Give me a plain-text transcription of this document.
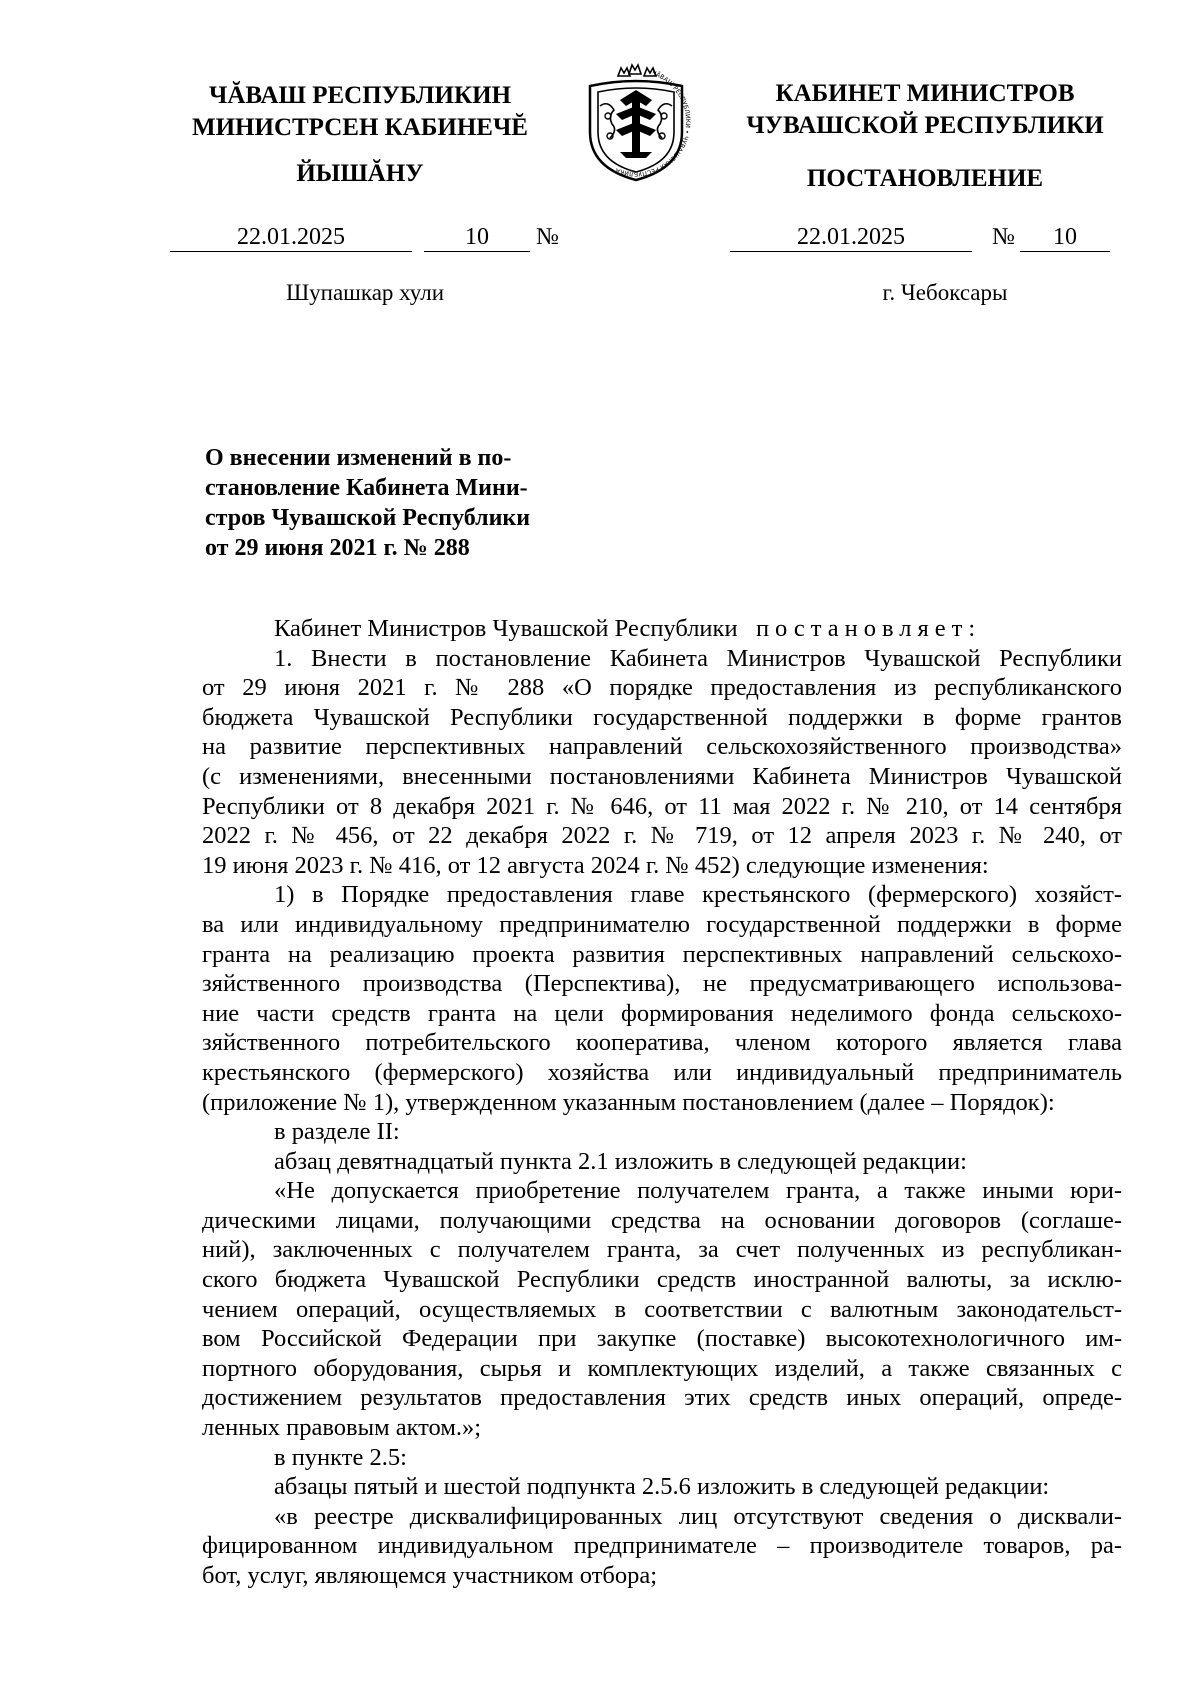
ЧĂВАШ РЕСПУБЛИКИН
МИНИСТРСЕН КАБИНЕЧĔ
ЙЫШĂНУ
ЧĂВАШ РЕСПУБЛИКИ • ЧУВАШСКАЯ РЕСПУБЛИКА
КАБИНЕТ МИНИСТРОВ
ЧУВАШСКОЙ РЕСПУБЛИКИ
ПОСТАНОВЛЕНИЕ
22.01.2025	10	№	22.01.2025	№	10
Шупашкар хули	г. Чебоксары
О внесении изменений в по-
становление Кабинета Мини-
стров Чувашской Республики
от 29 июня 2021 г. № 288

Кабинет Министров Чувашской Республики постановляет:

1. Внести в постановление Кабинета Министров Чувашской Республики

от 29 июня 2021 г. № 288 «О порядке предоставления из республиканского

бюджета Чувашской Республики государственной поддержки в форме грантов

на развитие перспективных направлений сельскохозяйственного производства»

(с изменениями, внесенными постановлениями Кабинета Министров Чувашской

Республики от 8 декабря 2021 г. № 646, от 11 мая 2022 г. № 210, от 14 сентября

2022 г. № 456, от 22 декабря 2022 г. № 719, от 12 апреля 2023 г. № 240, от

19 июня 2023 г. № 416, от 12 августа 2024 г. № 452) следующие изменения:

1) в Порядке предоставления главе крестьянского (фермерского) хозяйст-

ва или индивидуальному предпринимателю государственной поддержки в форме

гранта на реализацию проекта развития перспективных направлений сельскохо-

зяйственного производства (Перспектива), не предусматривающего использова-

ние части средств гранта на цели формирования неделимого фонда сельскохо-

зяйственного потребительского кооператива, членом которого является глава

крестьянского (фермерского) хозяйства или индивидуальный предприниматель

(приложение № 1), утвержденном указанным постановлением (далее – Порядок):

в разделе II:

абзац девятнадцатый пункта 2.1 изложить в следующей редакции:

«Не допускается приобретение получателем гранта, а также иными юри-

дическими лицами, получающими средства на основании договоров (соглаше-

ний), заключенных с получателем гранта, за счет полученных из республикан-

ского бюджета Чувашской Республики средств иностранной валюты, за исклю-

чением операций, осуществляемых в соответствии с валютным законодательст-

вом Российской Федерации при закупке (поставке) высокотехнологичного им-

портного оборудования, сырья и комплектующих изделий, а также связанных с

достижением результатов предоставления этих средств иных операций, опреде-

ленных правовым актом.»;

в пункте 2.5:

абзацы пятый и шестой подпункта 2.5.6 изложить в следующей редакции:

«в реестре дисквалифицированных лиц отсутствуют сведения о дисквали-

фицированном индивидуальном предпринимателе – производителе товаров, ра-

бот, услуг, являющемся участником отбора;
